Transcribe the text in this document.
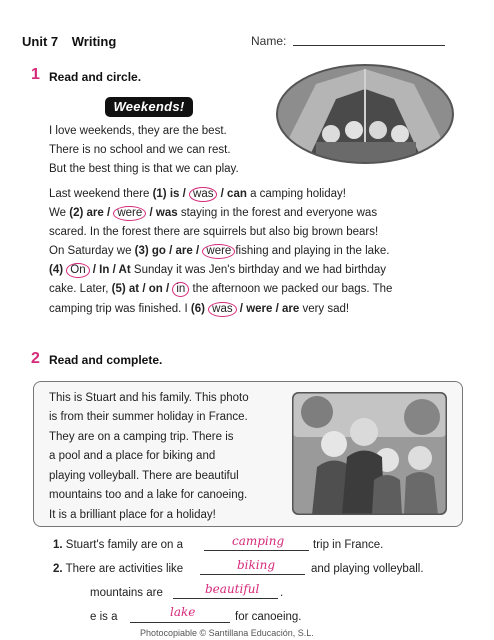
Unit 7 Writing	Name:
1 Read and circle.
Weekends!
I love weekends, they are the best.
There is no school and we can rest.
But the best thing is that we can play.
Last weekend there (1) is / was / can a camping holiday!
We (2) are / were / was staying in the forest and everyone was
scared. In the forest there are squirrels but also big brown bears!
On Saturday we (3) go / are / were fishing and playing in the lake.
(4) On / In / At Sunday it was Jen's birthday and we had birthday
cake. Later, (5) at / on / in the afternoon we packed our bags. The
camping trip was finished. I (6) was / were / are very sad!
2 Read and complete.
This is Stuart and his family. This photo
is from their summer holiday in France.
They are on a camping trip. There is
a pool and a place for biking and
playing volleyball. There are beautiful
mountains too and a lake for canoeing.
It is a brilliant place for a holiday!
1. Stuart's family are on a	camping	trip in France.
2. There are activities like	biking	and playing volleyball.
mountains are	beautiful .
e is a	lake	for canoeing.
Photocopiable © Santillana Educación, S.L.
